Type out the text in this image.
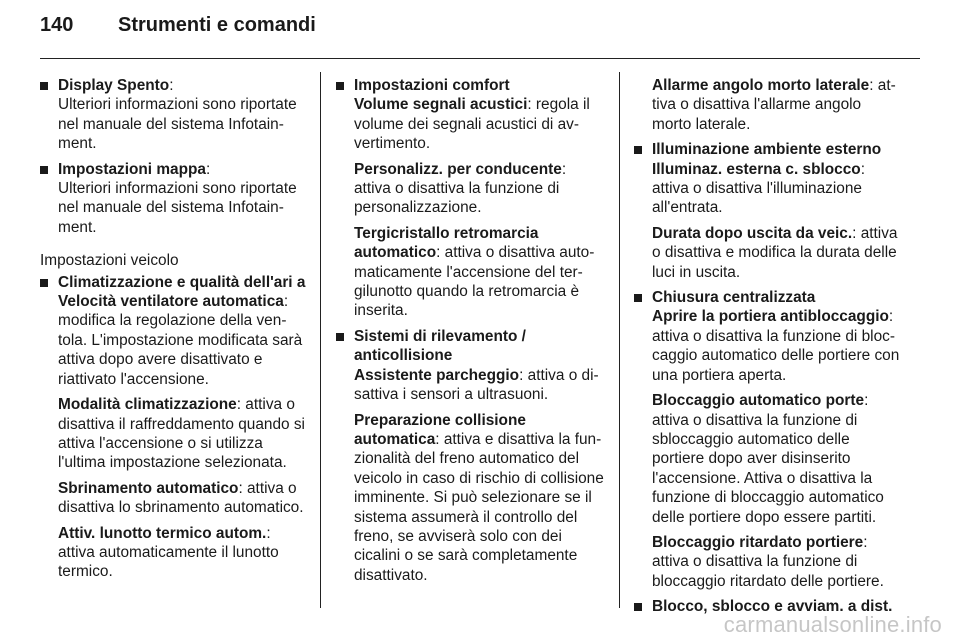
140	Strumenti e comandi
Display Spento:

Ulteriori informazioni sono riportate nel manuale del sistema Infotainment.

Impostazioni mappa:

Ulteriori informazioni sono riportate nel manuale del sistema Infotainment.

Impostazioni veicolo
Climatizzazione e qualità dell'ari a

Velocità ventilatore automatica: modifica la regolazione della ventola. L'impostazione modificata sarà attiva dopo avere disattivato e riattivato l'accensione.

Modalità climatizzazione: attiva o disattiva il raffreddamento quando si attiva l'accensione o si utilizza l'ultima impostazione selezionata.

Sbrinamento automatico: attiva o disattiva lo sbrinamento automatico.

Attiv. lunotto termico autom.: attiva automaticamente il lunotto termico.

Impostazioni comfort

Volume segnali acustici: regola il volume dei segnali acustici di avvertimento.

Personalizz. per conducente: attiva o disattiva la funzione di personalizzazione.

Tergicristallo retromarcia automatico: attiva o disattiva automaticamente l'accensione del tergilunotto quando la retromarcia è inserita.

Sistemi di rilevamento / anticollisione

Assistente parcheggio: attiva o disattiva i sensori a ultrasuoni.

Preparazione collisione automatica: attiva e disattiva la funzionalità del freno automatico del veicolo in caso di rischio di collisione imminente. Si può selezionare se il sistema assumerà il controllo del freno, se avviserà solo con dei cicalini o se sarà completamente disattivato.

Allarme angolo morto laterale: attiva o disattiva l'allarme angolo morto laterale.

Illuminazione ambiente esterno

Illuminaz. esterna c. sblocco: attiva o disattiva l'illuminazione all'entrata.

Durata dopo uscita da veic.: attiva o disattiva e modifica la durata delle luci in uscita.

Chiusura centralizzata

Aprire la portiera antibloccaggio: attiva o disattiva la funzione di bloccaggio automatico delle portiere con una portiera aperta.

Bloccaggio automatico porte: attiva o disattiva la funzione di sbloccaggio automatico delle portiere dopo aver disinserito l'accensione. Attiva o disattiva la funzione di bloccaggio automatico delle portiere dopo essere partiti.

Bloccaggio ritardato portiere: attiva o disattiva la funzione di bloccaggio ritardato delle portiere.

Blocco, sblocco e avviam. a dist.
carmanualsonline.info
